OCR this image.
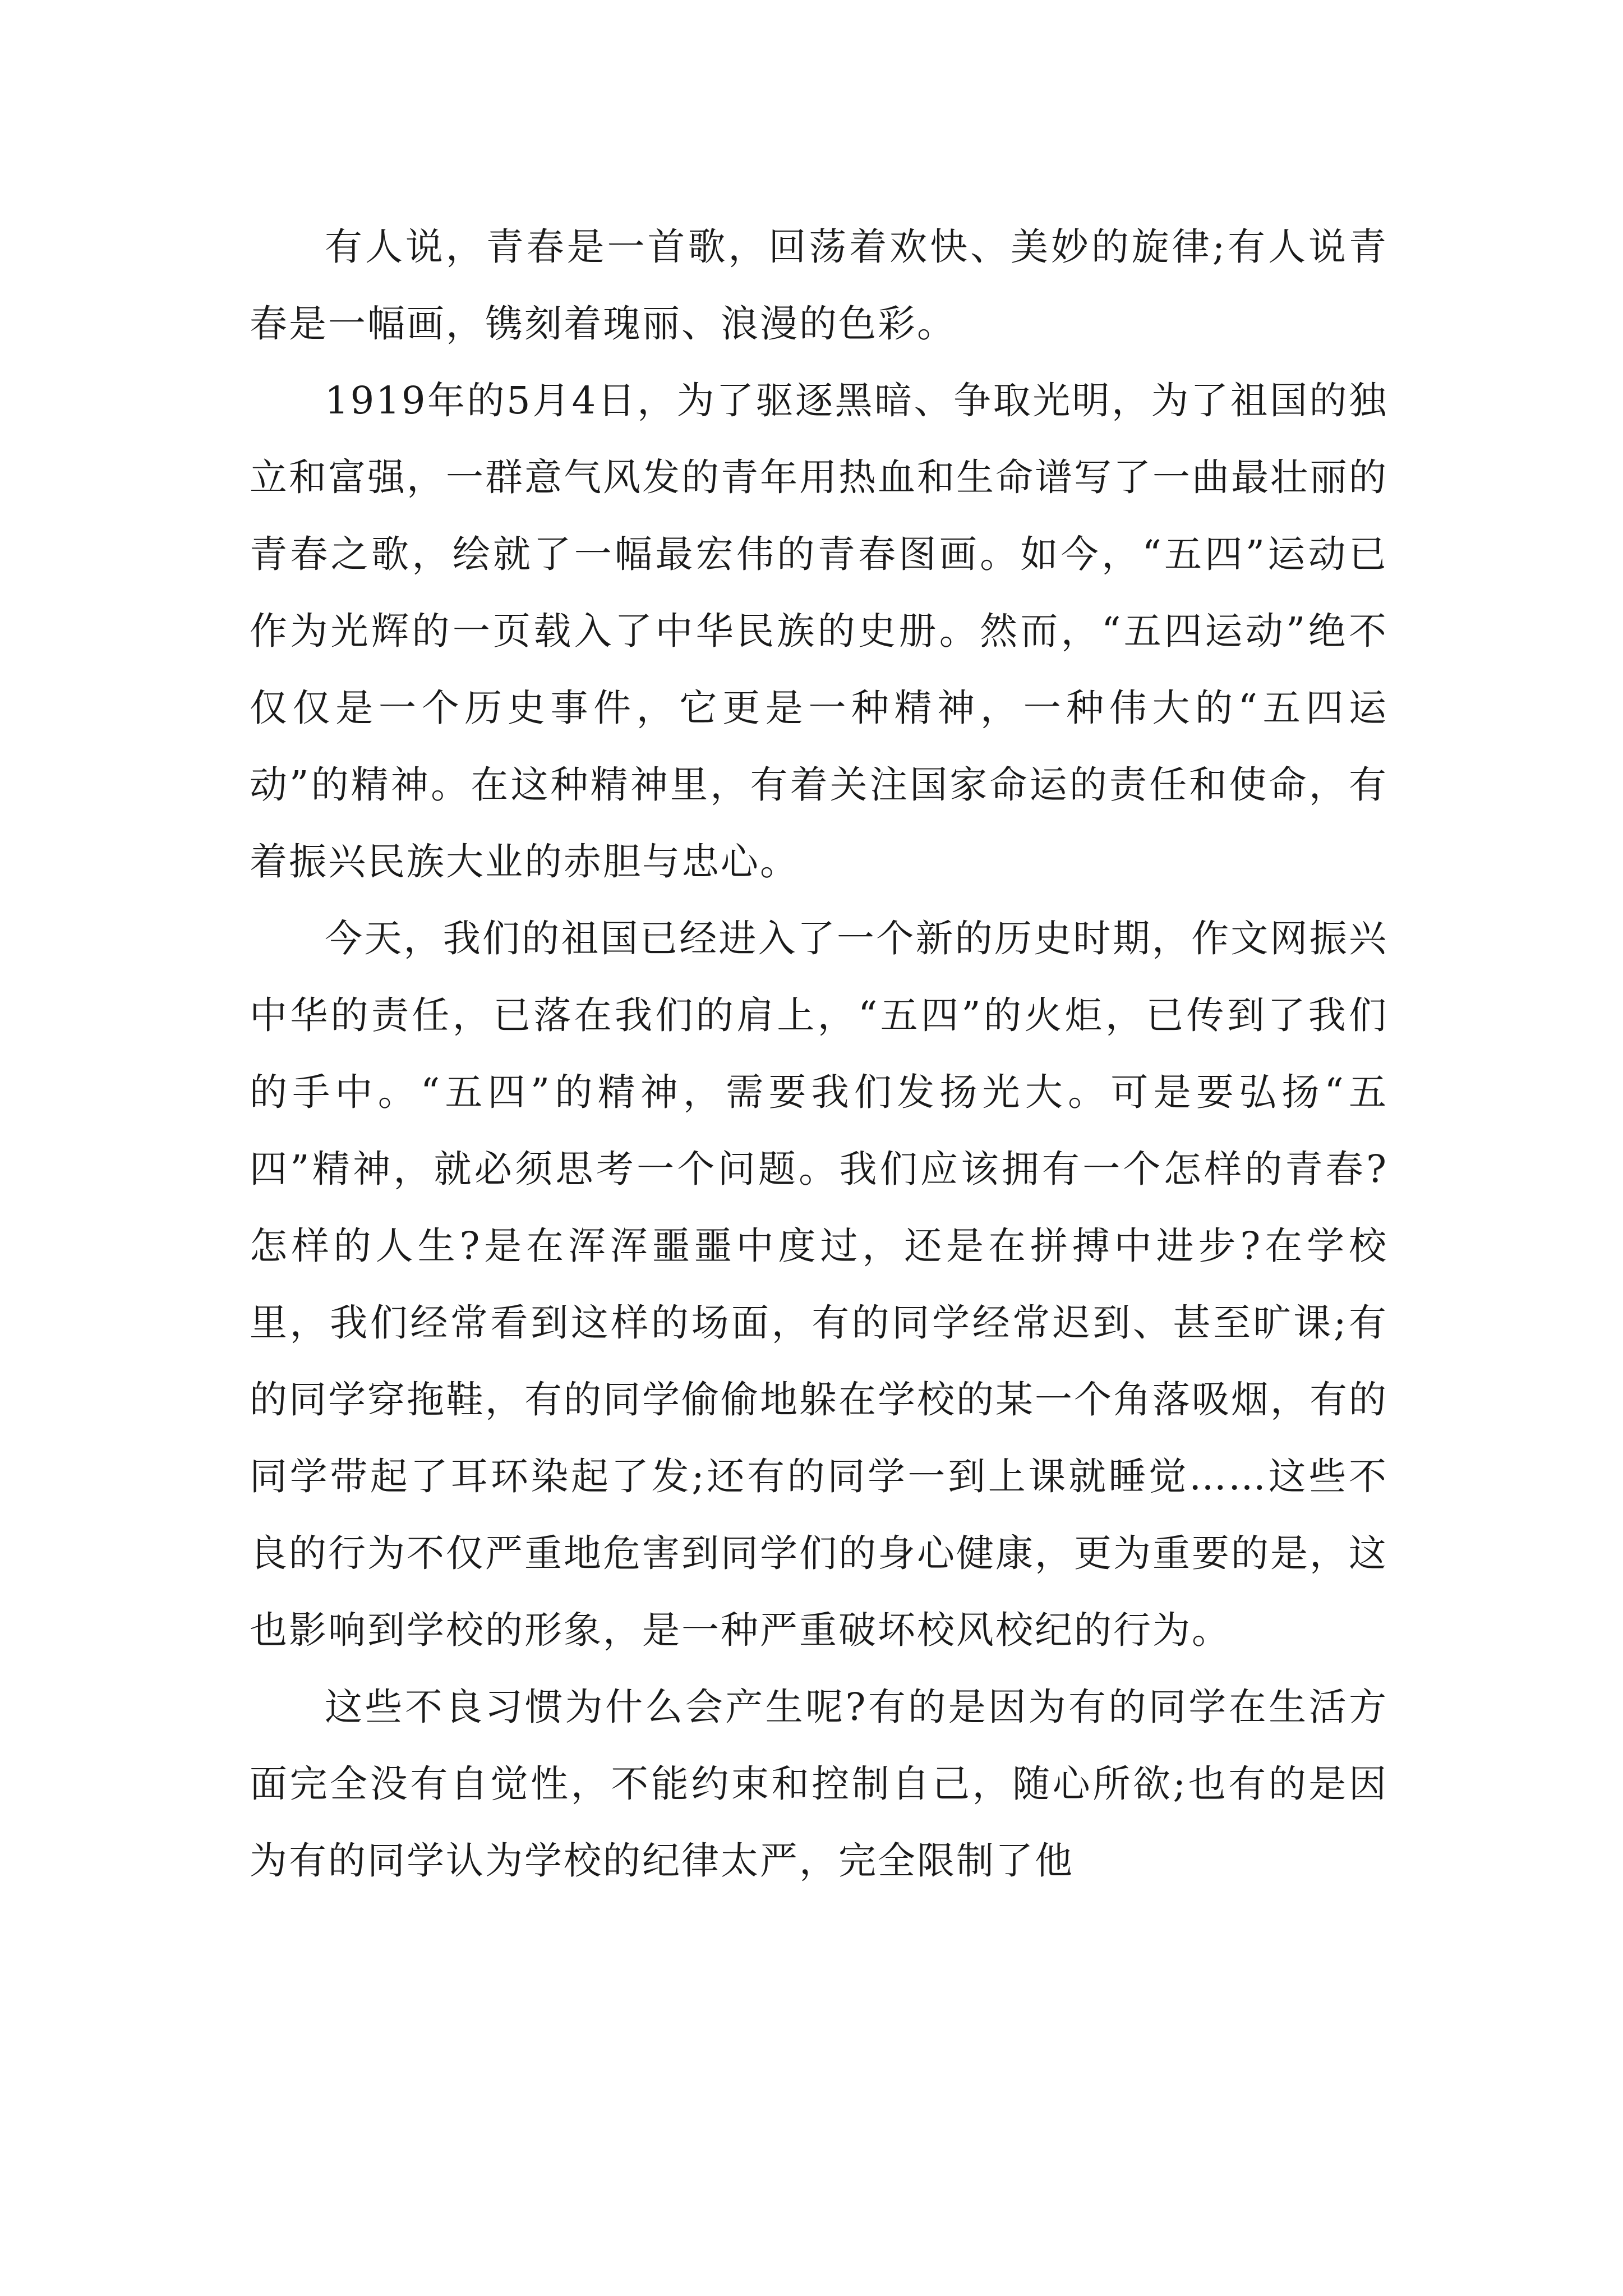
有人说，青春是一首歌，回荡着欢快、美妙的旋律;有人说青春是一幅画，镌刻着瑰丽、浪漫的色彩。

1919年的5月4日，为了驱逐黑暗、争取光明，为了祖国的独立和富强，一群意气风发的青年用热血和生命谱写了一曲最壮丽的青春之歌，绘就了一幅最宏伟的青春图画。如今，“五四”运动已作为光辉的一页载入了中华民族的史册。然而，“五四运动”绝不仅仅是一个历史事件，它更是一种精神，一种伟大的“五四运动”的精神。在这种精神里，有着关注国家命运的责任和使命，有着振兴民族大业的赤胆与忠心。

今天，我们的祖国已经进入了一个新的历史时期，作文网振兴中华的责任，已落在我们的肩上，“五四”的火炬，已传到了我们的手中。“五四”的精神，需要我们发扬光大。可是要弘扬“五四”精神，就必须思考一个问题。我们应该拥有一个怎样的青春?怎样的人生?是在浑浑噩噩中度过，还是在拼搏中进步?在学校里，我们经常看到这样的场面，有的同学经常迟到、甚至旷课;有的同学穿拖鞋，有的同学偷偷地躲在学校的某一个角落吸烟，有的同学带起了耳环染起了发;还有的同学一到上课就睡觉……这些不良的行为不仅严重地危害到同学们的身心健康，更为重要的是，这也影响到学校的形象，是一种严重破坏校风校纪的行为。

这些不良习惯为什么会产生呢?有的是因为有的同学在生活方面完全没有自觉性，不能约束和控制自己，随心所欲;也有的是因为有的同学认为学校的纪律太严，完全限制了他
